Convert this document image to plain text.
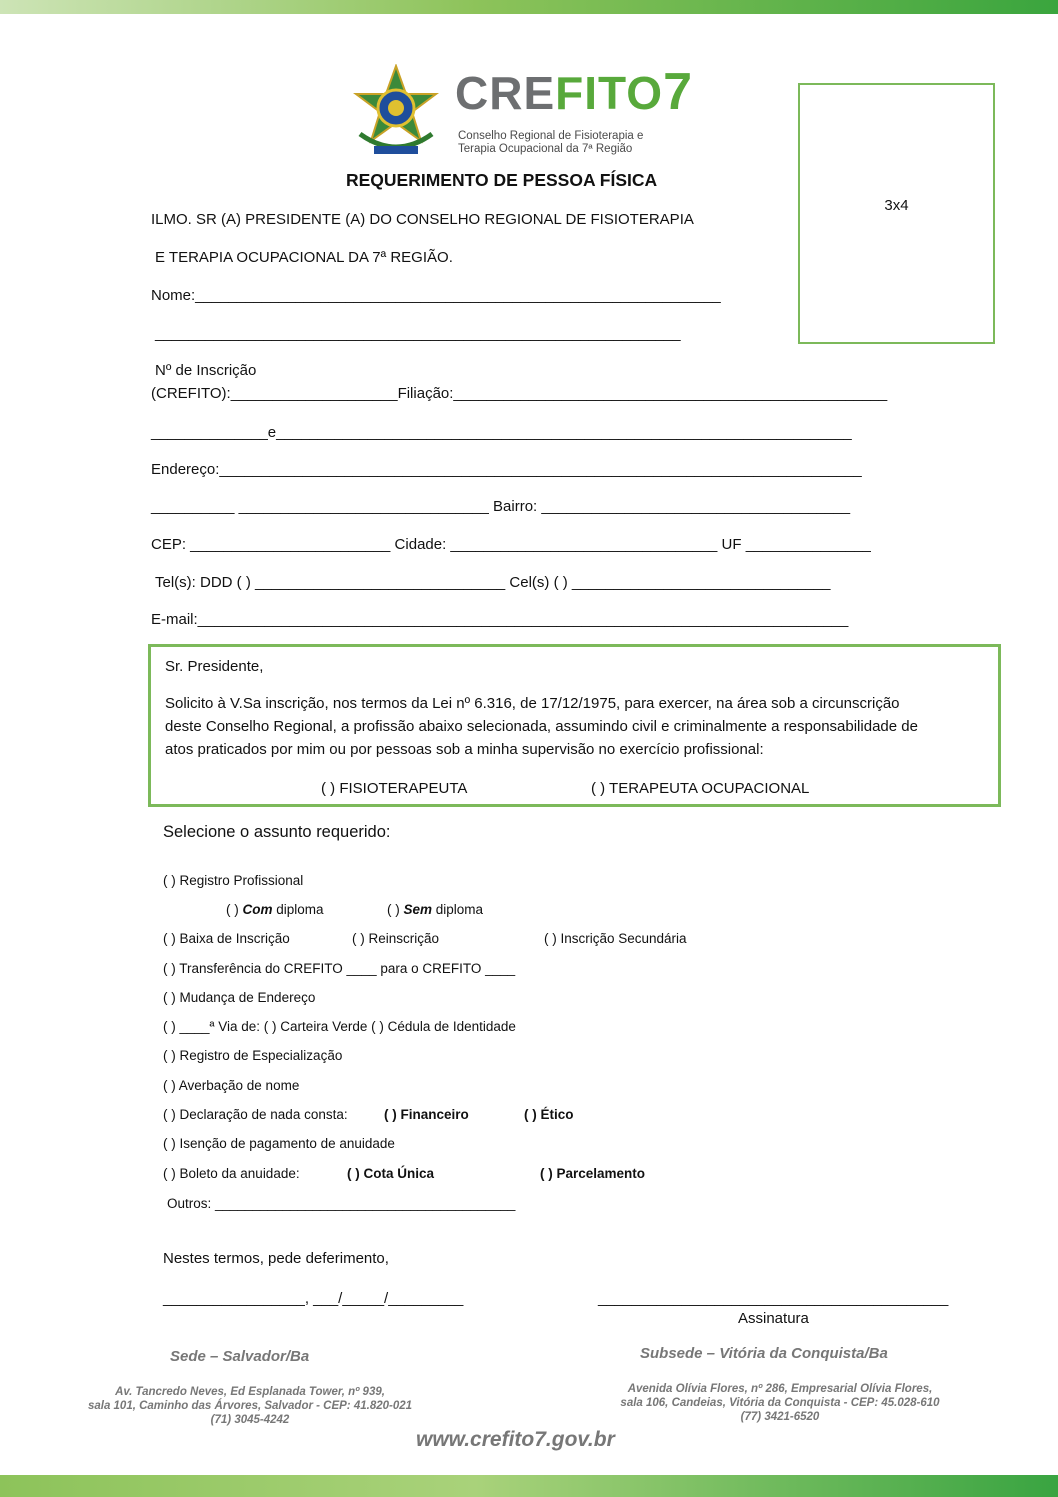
CREFITO7
Conselho Regional de Fisioterapia e
Terapia Ocupacional da 7ª Região
3x4
REQUERIMENTO DE PESSOA FÍSICA
ILMO. SR (A) PRESIDENTE (A) DO CONSELHO REGIONAL DE FISIOTERAPIA
E TERAPIA OCUPACIONAL DA 7ª REGIÃO.
Nome:_______________________________________________________________
_______________________________________________________________
Nº de Inscrição
(CREFITO):____________________Filiação:____________________________________________________
______________e_____________________________________________________________________
Endereço:_____________________________________________________________________________
__________ ______________________________ Bairro: _____________________________________
CEP: ________________________ Cidade: ________________________________ UF _______________
Tel(s): DDD ( ) ______________________________ Cel(s) ( ) _______________________________
E-mail:______________________________________________________________________________
Sr. Presidente,
Solicito à V.Sa inscrição, nos termos da Lei nº 6.316, de 17/12/1975, para exercer, na área sob a circunscrição
deste Conselho Regional, a profissão abaixo selecionada, assumindo civil e criminalmente a responsabilidade de
atos praticados por mim ou por pessoas sob a minha supervisão no exercício profissional:
( ) FISIOTERAPEUTA	( ) TERAPEUTA OCUPACIONAL
Selecione o assunto requerido:
( ) Registro Profissional
( ) Com diploma	( ) Sem diploma
( ) Baixa de Inscrição	( ) Reinscrição	( ) Inscrição Secundária
( ) Transferência do CREFITO ____ para o CREFITO ____
( ) Mudança de Endereço
( ) ____ª Via de: ( ) Carteira Verde ( ) Cédula de Identidade
( ) Registro de Especialização
( ) Averbação de nome
( ) Declaração de nada consta:	( ) Financeiro	( ) Ético
( ) Isenção de pagamento de anuidade
( ) Boleto da anuidade:	( ) Cota Única	( ) Parcelamento
Outros: ________________________________________
Nestes termos, pede deferimento,
_________________, ___/_____/_________	__________________________________________
Assinatura
Sede – Salvador/Ba
Av. Tancredo Neves, Ed Esplanada Tower, nº 939,
sala 101, Caminho das Árvores, Salvador - CEP: 41.820-021
(71) 3045-4242
Subsede – Vitória da Conquista/Ba
Avenida Olívia Flores, nº 286, Empresarial Olívia Flores,
sala 106, Candeias, Vitória da Conquista - CEP: 45.028-610
(77) 3421-6520
www.crefito7.gov.br
